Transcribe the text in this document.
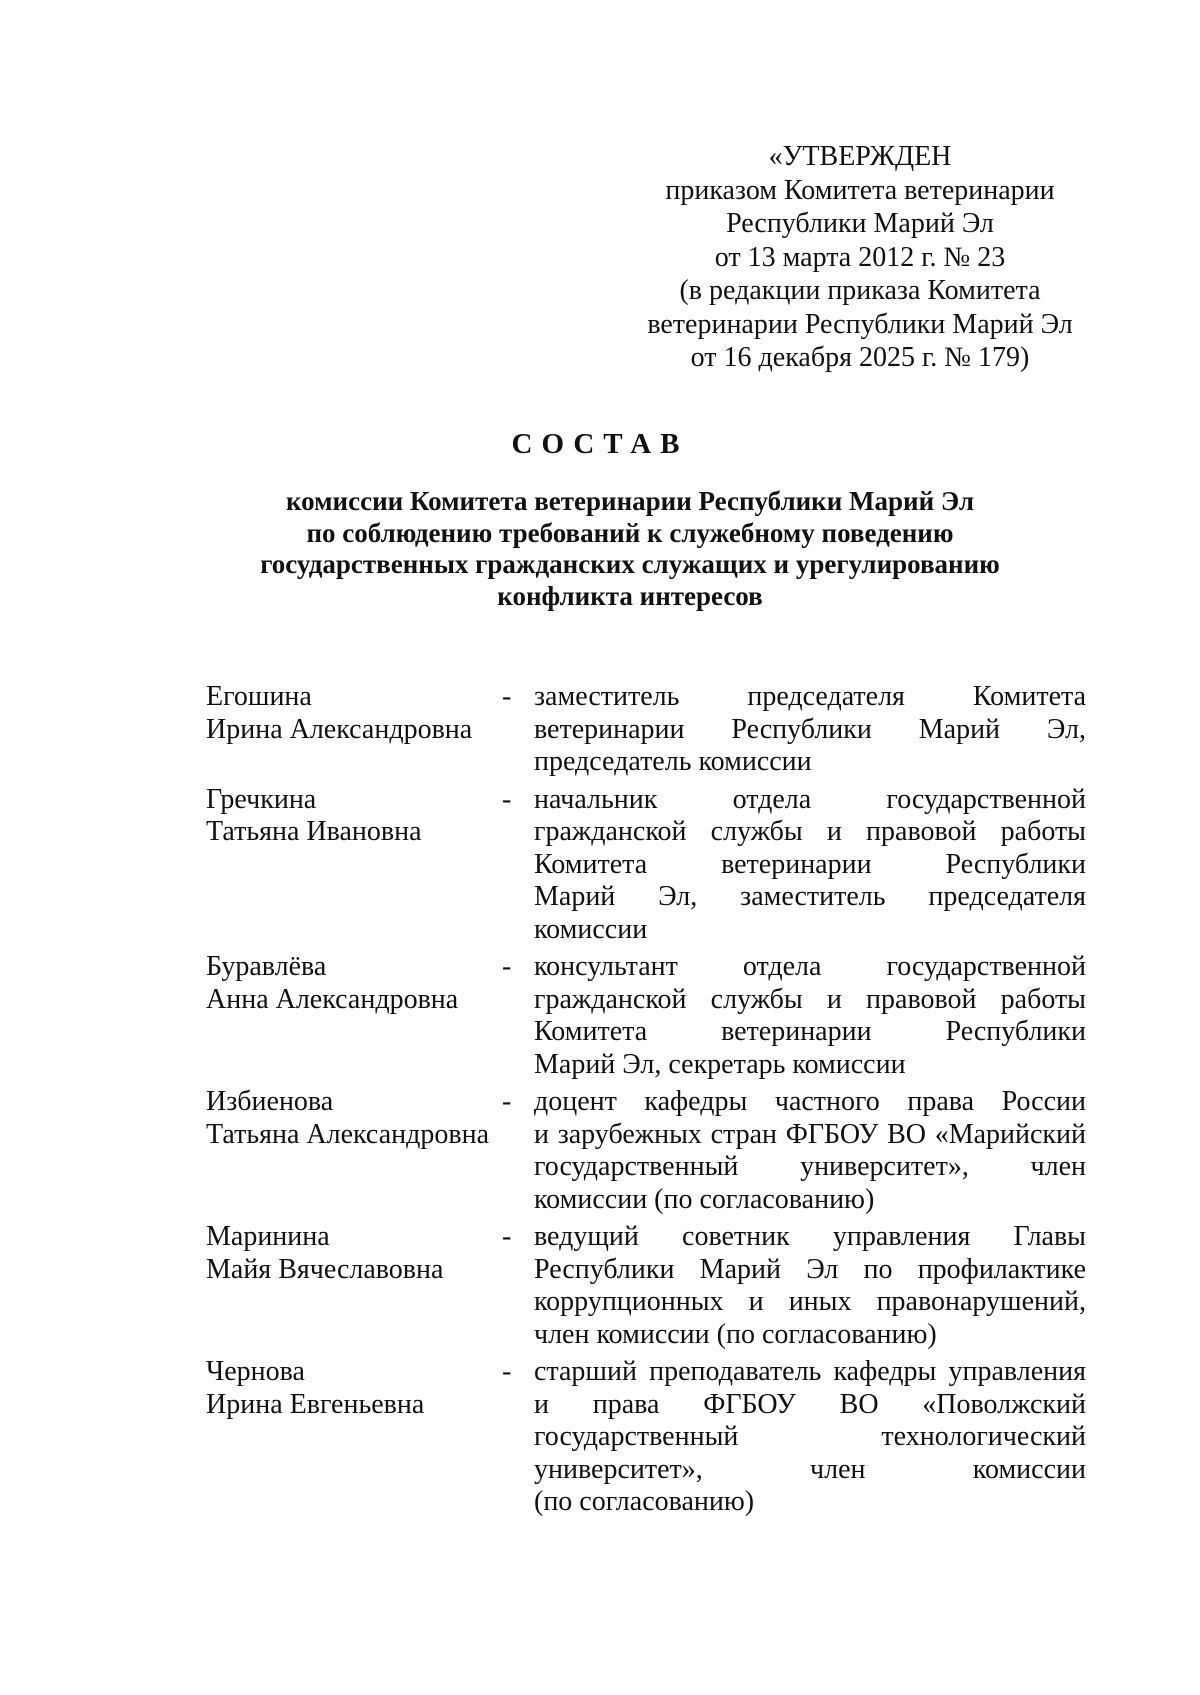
«УТВЕРЖДЕН
приказом Комитета ветеринарии
Республики Марий Эл
от 13 марта 2012 г. № 23
(в редакции приказа Комитета
ветеринарии Республики Марий Эл
от 16 декабря 2025 г. № 179)
СОСТАВ
комиссии Комитета ветеринарии Республики Марий Эл
по соблюдению требований к служебному поведению
государственных гражданских служащих и урегулированию
конфликта интересов
Егошина
Ирина Александровна
- заместитель председателя Комитета
ветеринарии Республики Марий Эл,
председатель комиссии
Гречкина
Татьяна Ивановна
- начальник отдела государственной
гражданской службы и правовой работы
Комитета ветеринарии Республики
Марий Эл, заместитель председателя
комиссии
Буравлёва
Анна Александровна
- консультант отдела государственной
гражданской службы и правовой работы
Комитета ветеринарии Республики
Марий Эл, секретарь комиссии
Избиенова
Татьяна Александровна
- доцент кафедры частного права России
и зарубежных стран ФГБОУ ВО «Марийский
государственный университет», член
комиссии (по согласованию)
Маринина
Майя Вячеславовна
- ведущий советник управления Главы
Республики Марий Эл по профилактике
коррупционных и иных правонарушений,
член комиссии (по согласованию)
Чернова
Ирина Евгеньевна
- старший преподаватель кафедры управления
и права ФГБОУ ВО «Поволжский
государственный технологический
университет», член комиссии
(по согласованию)
